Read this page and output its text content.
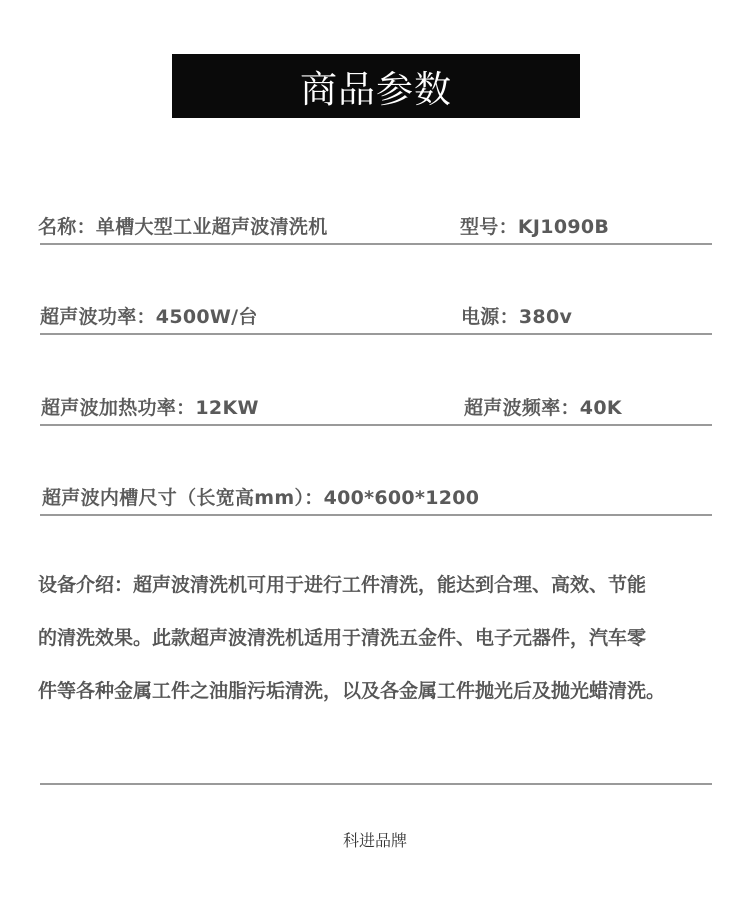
商品参数
名称：单槽大型工业超声波清洗机	型号：KJ1090B
超声波功率：4500W/台	电源：380v
超声波加热功率：12KW	超声波频率：40K
超声波内槽尺寸（长宽高mm）：400*600*1200
设备介绍：超声波清洗机可用于进行工件清洗，能达到合理、高效、节能
的清洗效果。此款超声波清洗机适用于清洗五金件、电子元器件，汽车零
件等各种金属工件之油脂污垢清洗，以及各金属工件抛光后及抛光蜡清洗。
科进品牌
